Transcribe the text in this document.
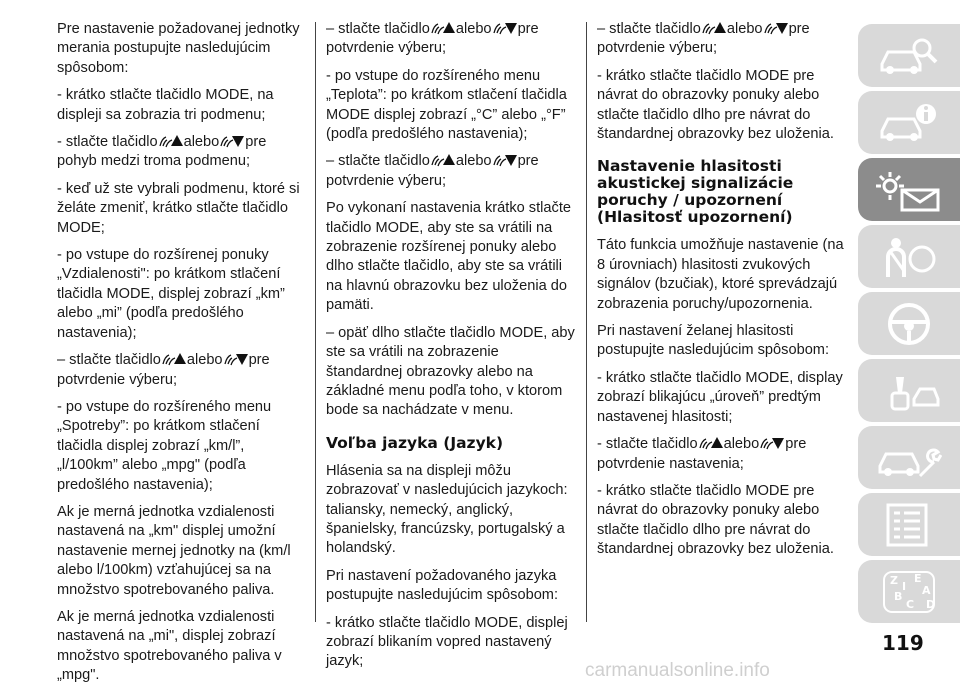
Pre nastavenie požadovanej jednotky merania postupujte nasledujúcim spôsobom:

- krátko stlačte tlačidlo MODE, na displeji sa zobrazia tri podmenu;

- stlačte tlačidlo alebo pre pohyb medzi troma podmenu;

- keď už ste vybrali podmenu, ktoré si želáte zmeniť, krátko stlačte tlačidlo MODE;

- po vstupe do rozšírenej ponuky „Vzdialenosti": po krátkom stlačení tlačidla MODE, displej zobrazí „km” alebo „mi” (podľa predošlého nastavenia);

– stlačte tlačidlo alebo pre potvrdenie výberu;

- po vstupe do rozšíreného menu „Spotreby”: po krátkom stlačení tlačidla displej zobrazí „km/l”, „l/100km” alebo „mpg" (podľa predošlého nastavenia);

Ak je merná jednotka vzdialenosti nastavená na „km" displej umožní nastavenie mernej jednotky na (km/l alebo l/100km) vzťahujúcej sa na množstvo spotrebovaného paliva.

Ak je merná jednotka vzdialenosti nastavená na „mi", displej zobrazí množstvo spotrebovaného paliva v „mpg".

– stlačte tlačidlo alebo pre potvrdenie výberu;

- po vstupe do rozšíreného menu „Teplota”: po krátkom stlačení tlačidla MODE displej zobrazí „°C” alebo „°F” (podľa predošlého nastavenia);

– stlačte tlačidlo alebo pre potvrdenie výberu;

Po vykonaní nastavenia krátko stlačte tlačidlo MODE, aby ste sa vrátili na zobrazenie rozšírenej ponuky alebo dlho stlačte tlačidlo, aby ste sa vrátili na hlavnú obrazovku bez uloženia do pamäti.

– opäť dlho stlačte tlačidlo MODE, aby ste sa vrátili na zobrazenie štandardnej obrazovky alebo na základné menu podľa toho, v ktorom bode sa nachádzate v menu.

Voľba jazyka (Jazyk)

Hlásenia sa na displeji môžu zobrazovať v nasledujúcich jazykoch: taliansky, nemecký, anglický, španielsky, francúzsky, portugalský a holandský.

Pri nastavení požadovaného jazyka postupujte nasledujúcim spôsobom:

- krátko stlačte tlačidlo MODE, displej zobrazí blikaním vopred nastavený jazyk;

– stlačte tlačidlo alebo pre potvrdenie výberu;

- krátko stlačte tlačidlo MODE pre návrat do obrazovky ponuky alebo stlačte tlačidlo dlho pre návrat do štandardnej obrazovky bez uloženia.

Nastavenie hlasitosti akustickej signalizácie poruchy / upozornení (Hlasitosť upozornení)

Táto funkcia umožňuje nastavenie (na 8 úrovniach) hlasitosti zvukových signálov (bzučiak), ktoré sprevádzajú zobrazenia poruchy/upozornenia.

Pri nastavení želanej hlasitosti postupujte nasledujúcim spôsobom:

- krátko stlačte tlačidlo MODE, display zobrazí blikajúcu „úroveň” predtým nastavenej hlasitosti;

- stlačte tlačidlo alebo pre potvrdenie nastavenia;

- krátko stlačte tlačidlo MODE pre návrat do obrazovky ponuky alebo stlačte tlačidlo dlho pre návrat do štandardnej obrazovky bez uloženia.

Z E
A
B
C D
I
119
carmanualsonline.info
